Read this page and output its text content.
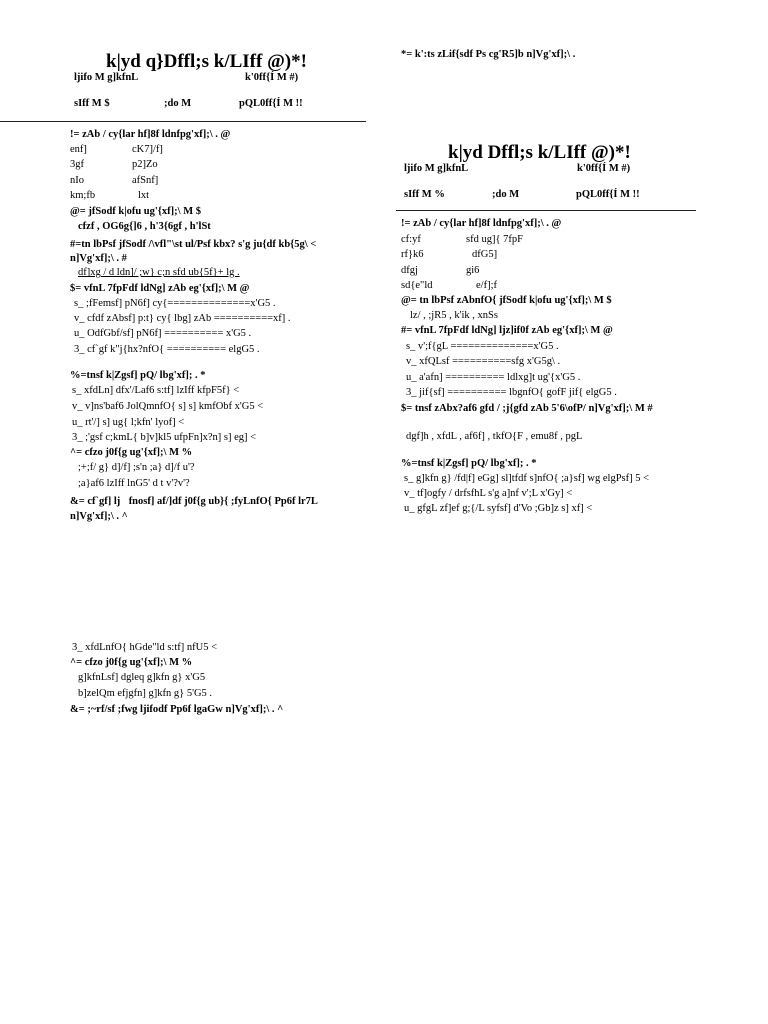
k|yd q}Dffl;s k/LIff @)*!
ljifo M g]kfnL	k'0ff{Í M #)
sIff M $	;do M	pQL0ff{Í M !!
!= zAb / cy{lar hf]8f ldnfpg'xf];\ . @
enf]	cK7]/f]
3gf	p2]Zo
nIo	afSnf]
km;fb	lxt
@= jfSodf k|ofu ug'{xf];\ M $
cfzf , OG6g{]6 , h'3{6gf , h'lSt
#=tn lbPsf jfSodf /\vfl"\st ul/Psf kbx? s'g ju{df kb{5g\ < n]Vg'xf];\ . #
df]xg / d ldn]/ ;w} c;n sfd ub{5f}+ lg .
$= vfnL 7fpFdf ldNg] zAb eg'{xf];\ M @
s_ ;fFemsf] pN6f] cy{==============x'G5 .
v_ cfdf zAbsf] p:t} cy{ lbg] zAb ==========xf] .
u_ OdfGbf/sf] pN6f] ========== x'G5 .
3_ cf`gf k"j{hx?nfO{ ========== elgG5 .
%=tnsf k|Zgsf] pQ/ lbg'xf]; . *
s_ xfdLn] dfx'/Laf6 s:tf] lzIff kfpF5f} <
v_ v]ns'baf6 JolQmnfO{ s] s] kmfObf x'G5 <
u_ rt'/] s] ug{ l;kfn' lyof] <
3_ ;'gsf c;kmL{ b]v]kl5 ufpFn]x?n] s] eg] <
^= cfzo j0f{g ug'{xf];\ M %
;+;f/ g} d]/f] ;s'n ;a} d]/f u'?
;a}af6 lzIff lnG5' d t v'?v'?
&= cf`gf] ljfnosf] af/]df j0f{g ub}{ ;fyLnfO{ Pp6f lr7L n]Vg'xf];\ . ^
3_ xfdLnfO{ hGde"ld s:tf] nfU5 <
^= cfzo j0f{g ug'{xf];\ M %
g]kfnLsf] dgleq g]kfn g} x'G5
b]zelQm efjgfn] g]kfn g} 5'G5 .
&= ;~rf/sf ;fwg ljifodf Pp6f lgaGw n]Vg'xf];\ . ^
*= k':ts zLif{sdf Ps cg'R5]b n]Vg'xf];\ .
k|yd Dffl;s k/LIff @)*!
ljifo M g]kfnL	k'0ff{Í M #)
sIff M %	;do M	pQL0ff{Í M !!
!= zAb / cy{lar hf]8f ldnfpg'xf];\ . @
cf:yf	sfd ug]{ 7fpF
rf}k6	dfG5]
dfgj	gi6
sd{e"ld	e/f];f
@= tn lbPsf zAbnfO{ jfSodf k|ofu ug'{xf];\ M $
lz/ , ;jR5 , k'ik , xnSs
#= vfnL 7fpFdf ldNg] ljz]if0f zAb eg'{xf];\ M @
s_ v';f{gL ==============x'G5 .
v_ xfQLsf ==========sfg x'G5g\ .
u_ a'afn] ========== ldlxg]t ug'{x'G5 .
3_ jif{sf] ========== lbgnfO{ gofF jif{ elgG5 .
$= tnsf zAbx?af6 gfd / ;j{gfd zAb 5'6\ofP/ n]Vg'xf];\ M #
dgf]h , xfdL , af6f] , tkfO{F , emu8f , pgL
%=tnsf k|Zgsf] pQ/ lbg'xf]; . *
s_ g]kfn g} /fd|f] eGg] sl]tfdf s]nfO{ ;a}sf] wg elgPsf] 5 <
v_ tf]ogfy / drfsfhL s'g a]nf v';L x'Gy] <
u_ gfgL zf]ef g;{/L syfsf] d'Vo ;Gb]z s] xf] <
